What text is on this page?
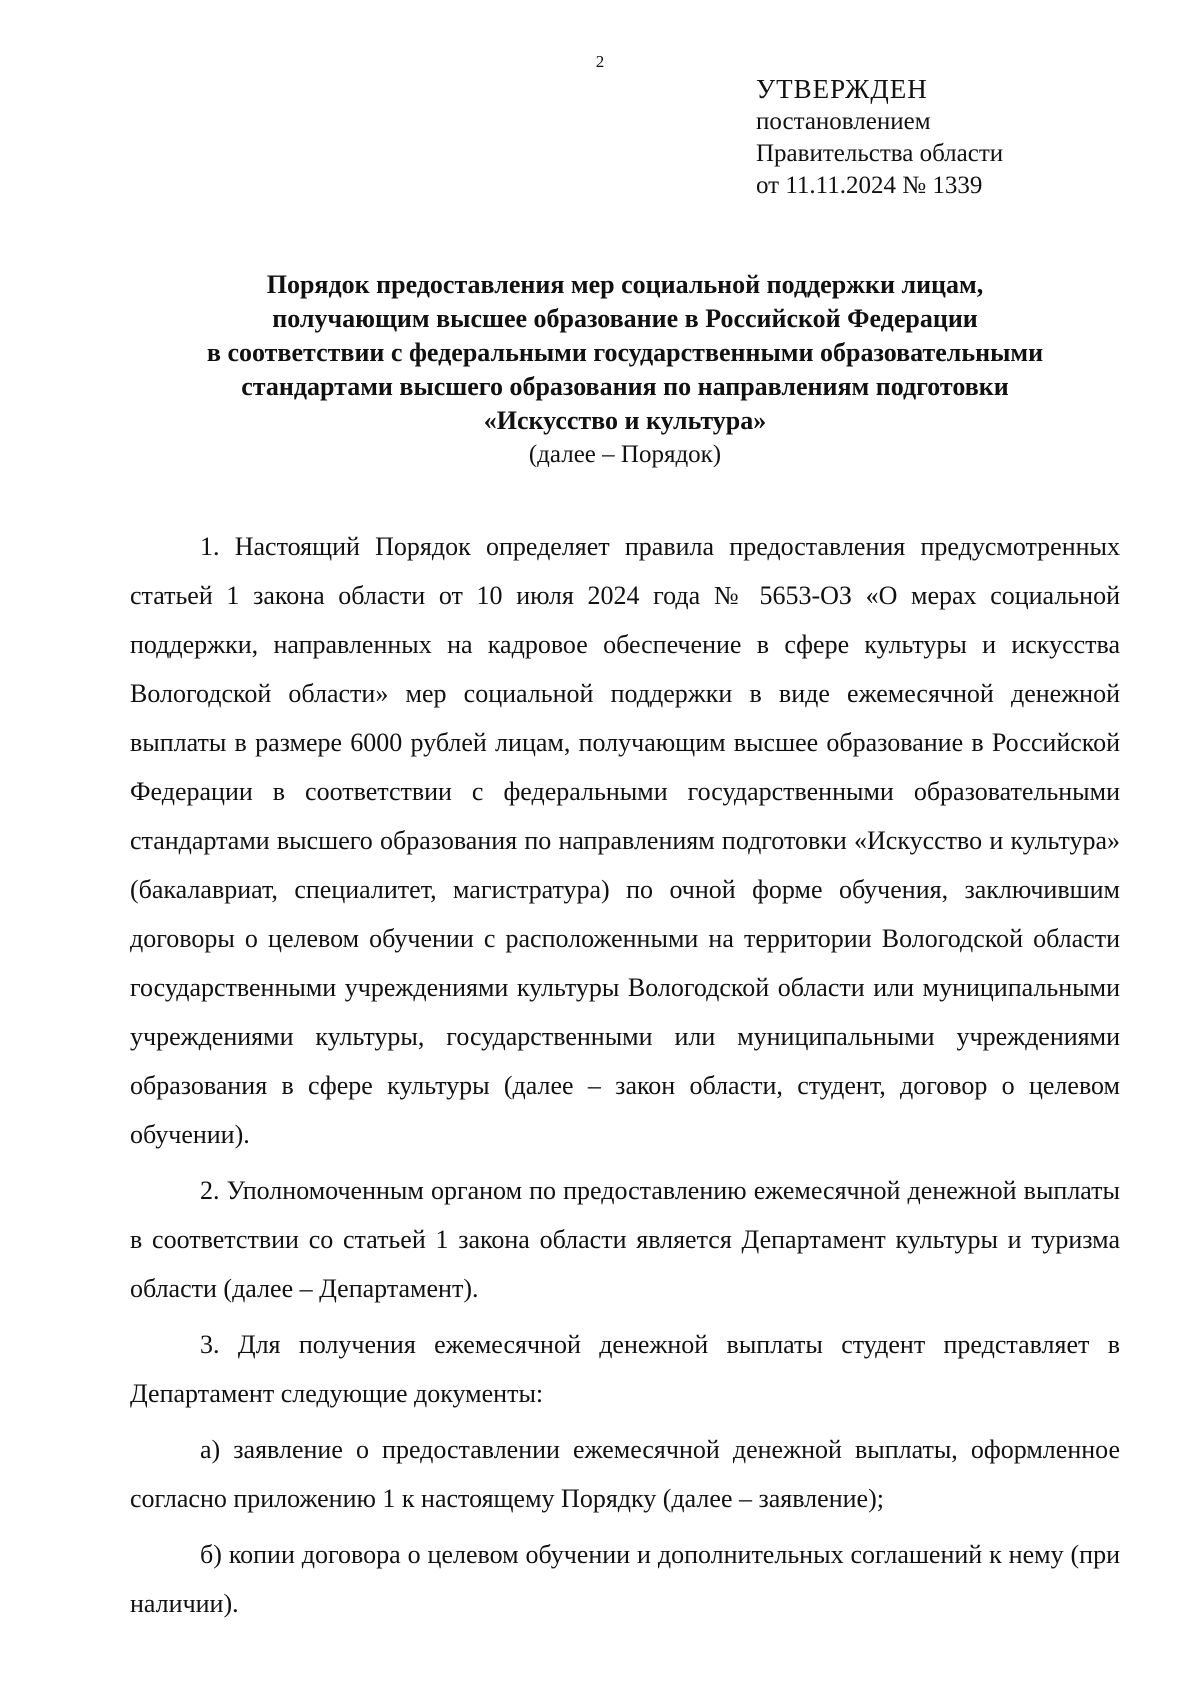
2
УТВЕРЖДЕН
постановлением
Правительства области
от 11.11.2024 № 1339
Порядок предоставления мер социальной поддержки лицам,
получающим высшее образование в Российской Федерации
в соответствии с федеральными государственными образовательными
стандартами высшего образования по направлениям подготовки
«Искусство и культура»
(далее – Порядок)

1. Настоящий Порядок определяет правила предоставления предусмотренных статьей 1 закона области от 10 июля 2024 года № 5653-ОЗ «О мерах социальной поддержки, направленных на кадровое обеспечение в сфере культуры и искусства Вологодской области» мер социальной поддержки в виде ежемесячной денежной выплаты в размере 6000 рублей лицам, получающим высшее образование в Российской Федерации в соответствии с федеральными государственными образовательными стандартами высшего образования по направлениям подготовки «Искусство и культура» (бакалавриат, специалитет, магистратура) по очной форме обучения, заключившим договоры о целевом обучении с расположенными на территории Вологодской области государственными учреждениями культуры Вологодской области или муниципальными учреждениями культуры, государственными или муниципальными учреждениями образования в сфере культуры (далее – закон области, студент, договор о целевом обучении).

2. Уполномоченным органом по предоставлению ежемесячной денежной выплаты в соответствии со статьей 1 закона области является Департамент культуры и туризма области (далее – Департамент).

3. Для получения ежемесячной денежной выплаты студент представляет в Департамент следующие документы:

а) заявление о предоставлении ежемесячной денежной выплаты, оформленное согласно приложению 1 к настоящему Порядку (далее – заявление);

б) копии договора о целевом обучении и дополнительных соглашений к нему (при наличии).
